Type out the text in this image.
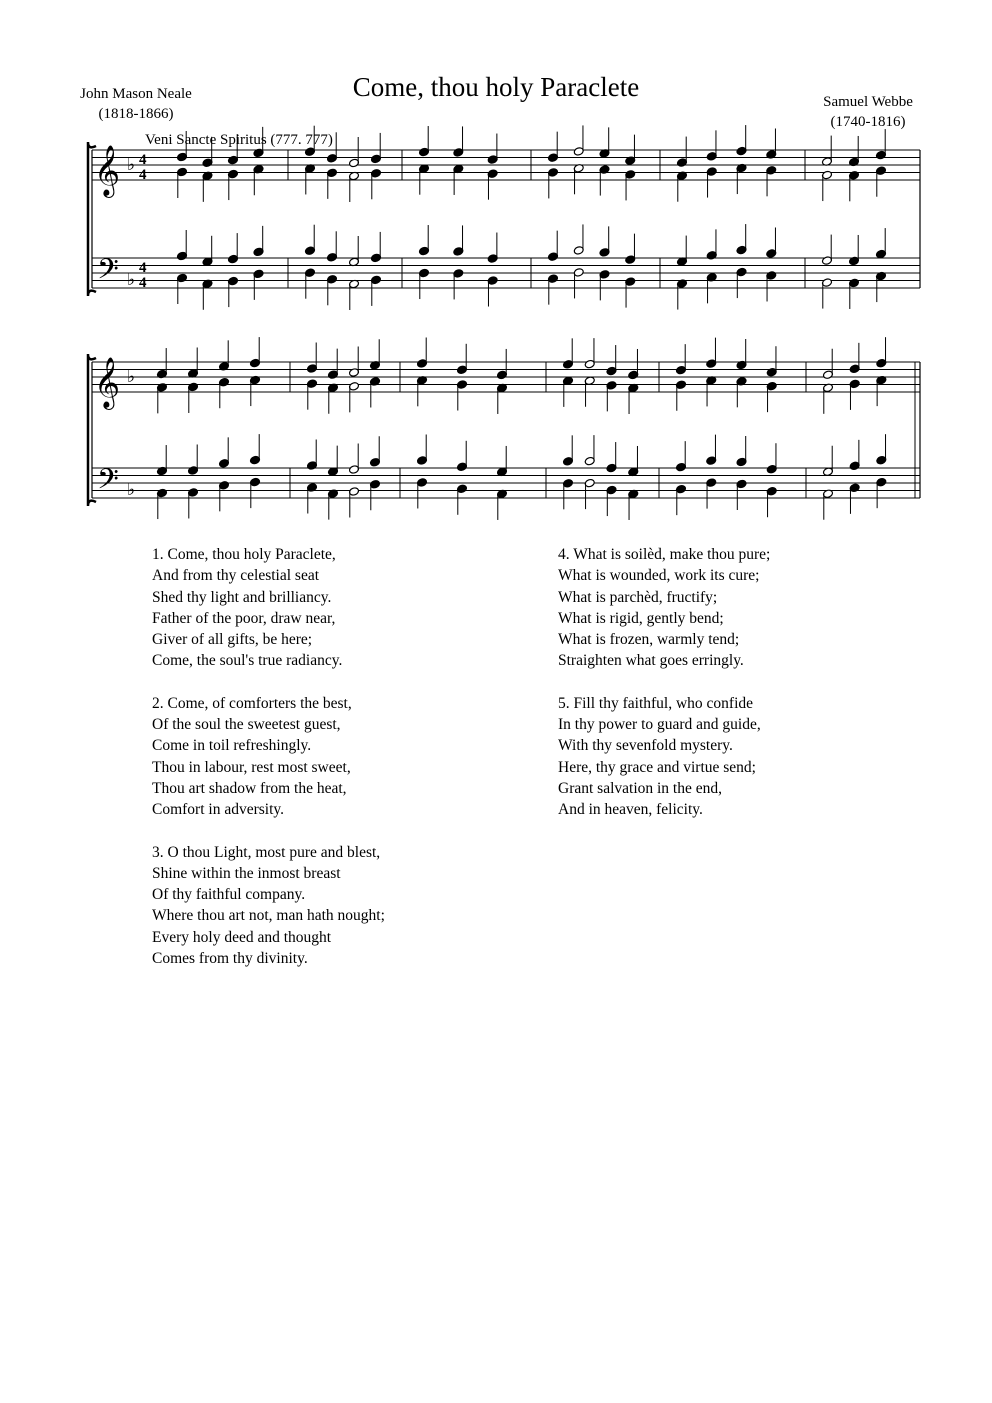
Come, thou holy Paraclete
John Mason Neale
(1818-1866)
Samuel Webbe
(1740-1816)
Veni Sancte Spiritus (777. 777)
𝄞
𝄢
♭
♭
4
4
4
4
𝄞
𝄢
♭
♭
1. Come, thou holy Paraclete,
And from thy celestial seat
Shed thy light and brilliancy.
Father of the poor, draw near,
Giver of all gifts, be here;
Come, the soul's true radiancy.
2. Come, of comforters the best,
Of the soul the sweetest guest,
Come in toil refreshingly.
Thou in labour, rest most sweet,
Thou art shadow from the heat,
Comfort in adversity.
3. O thou Light, most pure and blest,
Shine within the inmost breast
Of thy faithful company.
Where thou art not, man hath nought;
Every holy deed and thought
Comes from thy divinity.
4. What is soilèd, make thou pure;
What is wounded, work its cure;
What is parchèd, fructify;
What is rigid, gently bend;
What is frozen, warmly tend;
Straighten what goes erringly.
5. Fill thy faithful, who confide
In thy power to guard and guide,
With thy sevenfold mystery.
Here, thy grace and virtue send;
Grant salvation in the end,
And in heaven, felicity.
